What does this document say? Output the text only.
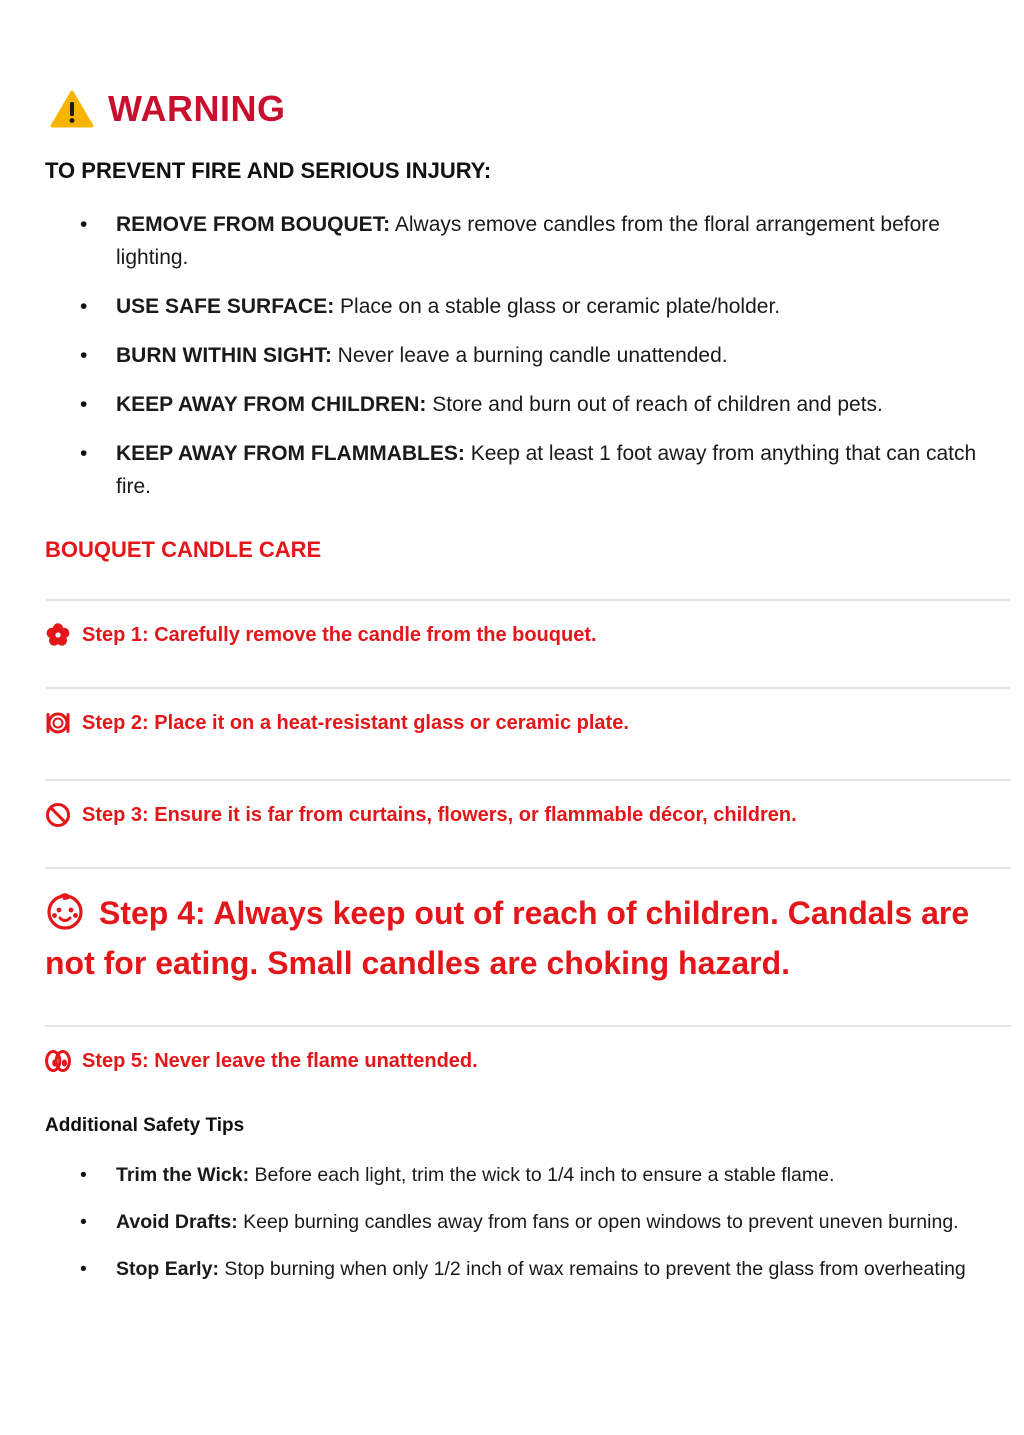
WARNING
TO PREVENT FIRE AND SERIOUS INJURY:
• REMOVE FROM BOUQUET: Always remove candles from the floral arrangement before lighting.
• USE SAFE SURFACE: Place on a stable glass or ceramic plate/holder.
• BURN WITHIN SIGHT: Never leave a burning candle unattended.
• KEEP AWAY FROM CHILDREN: Store and burn out of reach of children and pets.
• KEEP AWAY FROM FLAMMABLES: Keep at least 1 foot away from anything that can catch fire.
BOUQUET CANDLE CARE
Step 1: Carefully remove the candle from the bouquet.
Step 2: Place it on a heat-resistant glass or ceramic plate.
Step 3: Ensure it is far from curtains, flowers, or flammable décor, children.
Step 4: Always keep out of reach of children. Candals are not for eating. Small candles are choking hazard.
Step 5: Never leave the flame unattended.
Additional Safety Tips
• Trim the Wick: Before each light, trim the wick to 1/4 inch to ensure a stable flame.
• Avoid Drafts: Keep burning candles away from fans or open windows to prevent uneven burning.
• Stop Early: Stop burning when only 1/2 inch of wax remains to prevent the glass from overheating
